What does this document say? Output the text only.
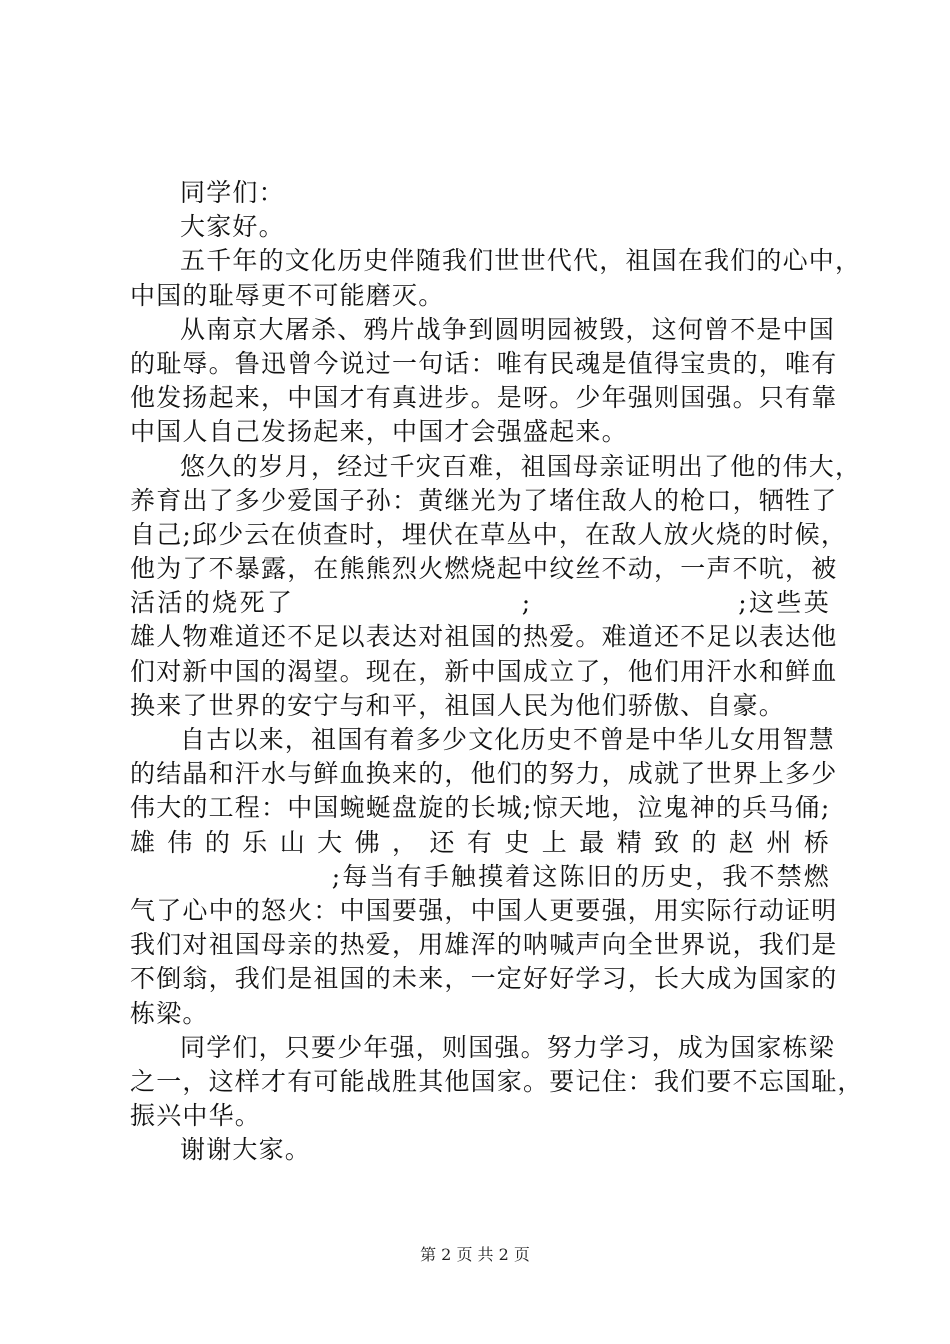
同学们：
大家好。
五千年的文化历史伴随我们世世代代，祖国在我们的心中，
中国的耻辱更不可能磨灭。
从南京大屠杀、鸦片战争到圆明园被毁，这何曾不是中国
的耻辱。鲁迅曾今说过一句话：唯有民魂是值得宝贵的，唯有
他发扬起来，中国才有真进步。是呀。少年强则国强。只有靠
中国人自己发扬起来，中国才会强盛起来。
悠久的岁月，经过千灾百难，祖国母亲证明出了他的伟大，
养育出了多少爱国子孙：黄继光为了堵住敌人的枪口，牺牲了
自己;邱少云在侦查时，埋伏在草丛中，在敌人放火烧的时候，
他为了不暴露，在熊熊烈火燃烧起中纹丝不动，一声不吭，被
活活的烧死了                      ;                    ;这些英
雄人物难道还不足以表达对祖国的热爱。难道还不足以表达他
们对新中国的渴望。现在，新中国成立了，他们用汗水和鲜血
换来了世界的安宁与和平，祖国人民为他们骄傲、自豪。
自古以来，祖国有着多少文化历史不曾是中华儿女用智慧
的结晶和汗水与鲜血换来的，他们的努力，成就了世界上多少
伟大的工程：中国蜿蜒盘旋的长城;惊天地，泣鬼神的兵马俑;
雄伟的乐山大佛，还有史上最精致的赵州桥
;每当有手触摸着这陈旧的历史，我不禁燃
气了心中的怒火：中国要强，中国人更要强，用实际行动证明
我们对祖国母亲的热爱，用雄浑的呐喊声向全世界说，我们是
不倒翁，我们是祖国的未来，一定好好学习，长大成为国家的
栋梁。
同学们，只要少年强，则国强。努力学习，成为国家栋梁
之一，这样才有可能战胜其他国家。要记住：我们要不忘国耻，
振兴中华。
谢谢大家。
第 2 页 共 2 页
